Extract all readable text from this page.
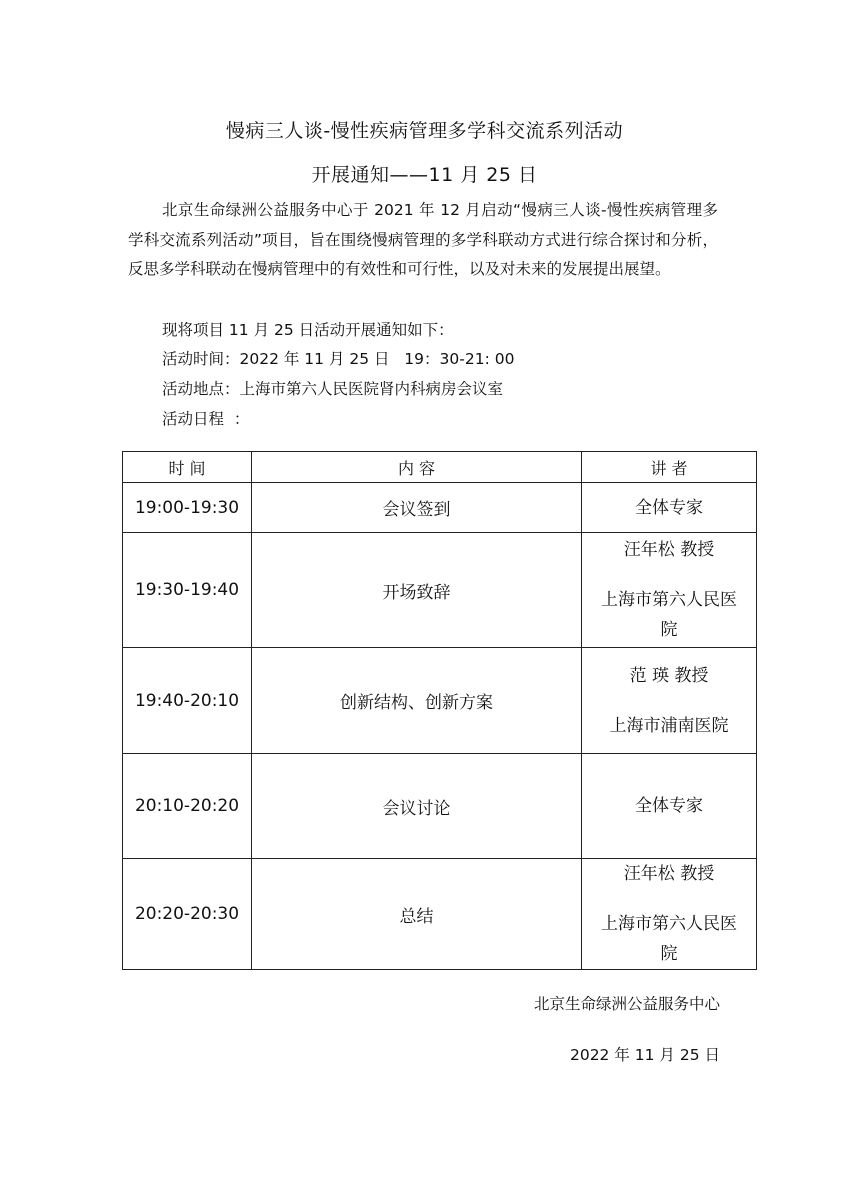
慢病三人谈-慢性疾病管理多学科交流系列活动
开展通知——11 月 25 日
北京生命绿洲公益服务中心于 2021 年 12 月启动“慢病三人谈-慢性疾病管理多学科交流系列活动”项目，旨在围绕慢病管理的多学科联动方式进行综合探讨和分析，反思多学科联动在慢病管理中的有效性和可行性，以及对未来的发展提出展望。
现将项目 11 月 25 日活动开展通知如下：
活动时间：2022 年 11 月 25 日   19：30-21: 00
活动地点：上海市第六人民医院肾内科病房会议室
活动日程  ：
时 间	内 容	讲 者
19:00-19:30	会议签到	全体专家

19:30-19:40	开场致辞	汪年松 教授
上海市第六人民医院

19:40-20:10	创新结构、创新方案	范 瑛 教授
上海市浦南医院

20:10-20:20	会议讨论	全体专家

20:20-20:30	总结	汪年松 教授
上海市第六人民医院
北京生命绿洲公益服务中心
2022 年 11 月 25 日
